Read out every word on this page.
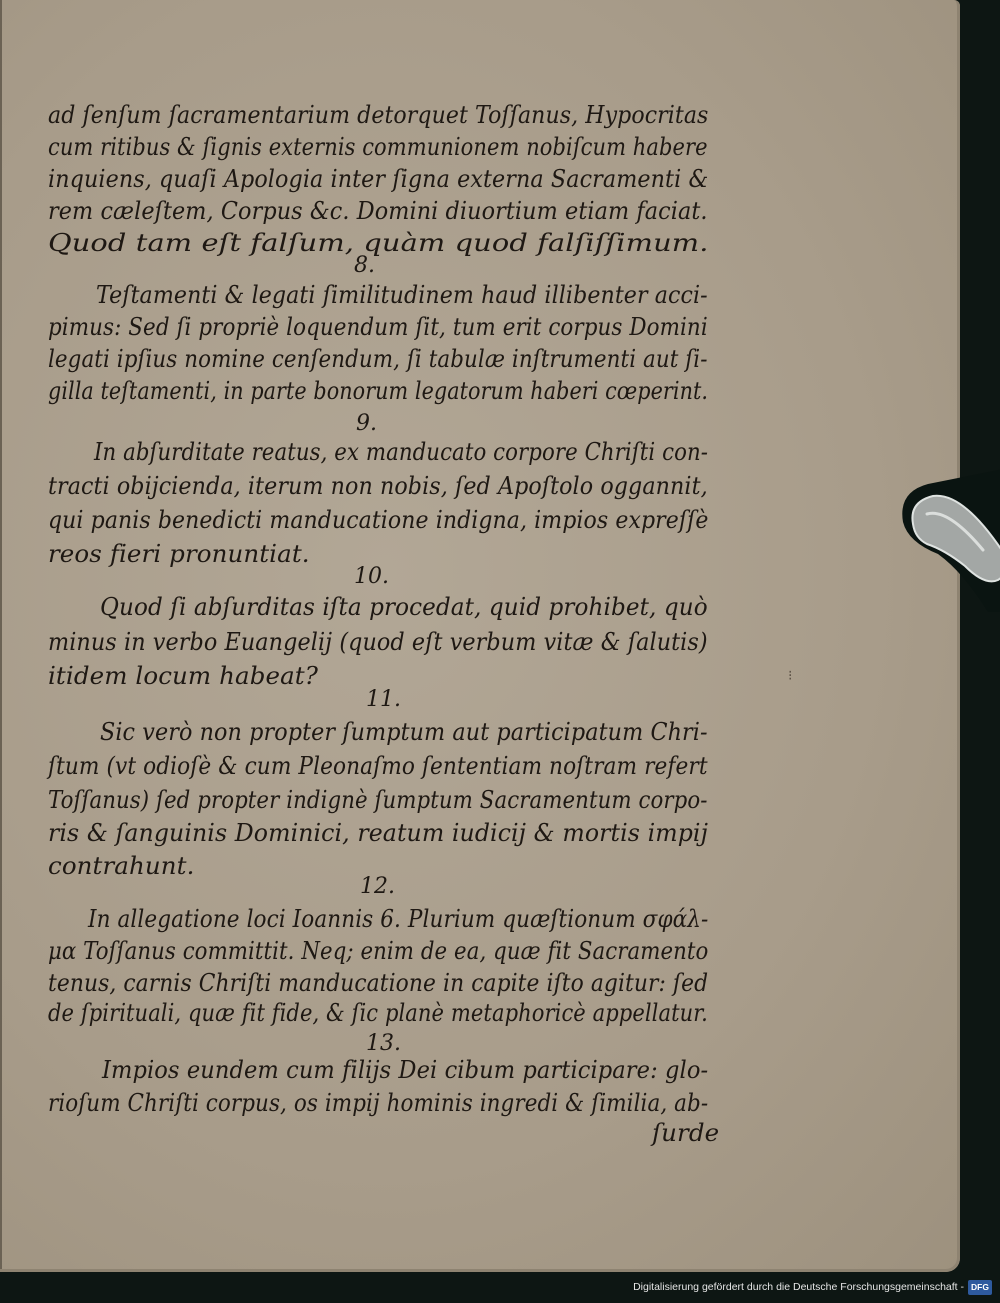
ad ſenſum ſacramentarium detorquet Toſſanus, Hypocritas
cum ritibus & ſignis externis communionem nobiſcum habere
inquiens, quaſi Apologia inter ſigna externa Sacramenti &
rem cæleſtem, Corpus &c. Domini diuortium etiam faciat.
Quod tam eſt falſum, quàm quod falſiſſimum.
8.
Teſtamenti & legati ſimilitudinem haud illibenter acci-
pimus: Sed ſi propriè loquendum ſit, tum erit corpus Domini
legati ipſius nomine cenſendum, ſi tabulæ inſtrumenti aut ſi-
gilla teſtamenti, in parte bonorum legatorum haberi cœperint.
9.
In abſurditate reatus, ex manducato corpore Chriſti con-
tracti obijcienda, iterum non nobis, ſed Apoſtolo oggannit,
qui panis benedicti manducatione indigna, impios expreſſè
reos fieri pronuntiat.
10.
Quod ſi abſurditas iſta procedat, quid prohibet, quò
minus in verbo Euangelij (quod eſt verbum vitæ & ſalutis)
itidem locum habeat?
11.
Sic verò non propter ſumptum aut participatum Chri-
ſtum (vt odioſè & cum Pleonaſmo ſententiam noſtram refert
Toſſanus) ſed propter indignè ſumptum Sacramentum corpo-
ris & ſanguinis Dominici, reatum iudicij & mortis impij
contrahunt.
12.
In allegatione loci Ioannis 6. Plurium quæſtionum σφάλ-
μα Toſſanus committit. Neq; enim de ea, quæ fit Sacramento
tenus, carnis Chriſti manducatione in capite iſto agitur: ſed
de ſpirituali, quæ fit fide, & ſic planè metaphoricè appellatur.
13.
Impios eundem cum filijs Dei cibum participare: glo-
rioſum Chriſti corpus, os impij hominis ingredi & ſimilia, ab-
ſurde
⁝
Digitalisierung gefördert durch die Deutsche Forschungsgemeinschaft - DFG
